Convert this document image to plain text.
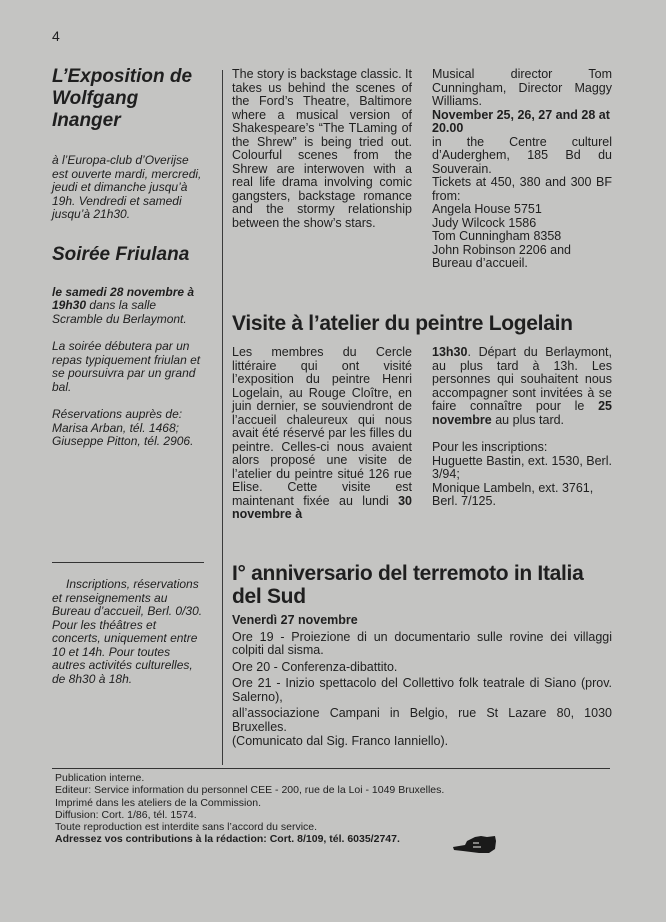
4
L’Exposition de Wolfgang Inanger

à l’Europa-club d’Overijse est ouverte mardi, mercredi, jeudi et dimanche jusqu’à 19h. Vendredi et samedi jusqu’à 21h30.

Soirée Friulana

le samedi 28 novembre à 19h30 dans la salle Scramble du Berlaymont.

La soirée débutera par un repas typiquement friulan et se poursuivra par un grand bal.

Réservations auprès de: Marisa Arban, tél. 1468; Giuseppe Pitton, tél. 2906.

Inscriptions, réservations et renseignements au Bureau d’accueil, Berl. 0/30. Pour les théâtres et concerts, uniquement entre 10 et 14h. Pour toutes autres activités culturelles, de 8h30 à 18h.

The story is backstage classic. It takes us behind the scenes of the Ford’s Theatre, Baltimore where a musical version of Shakespeare’s “The TLaming of the Shrew” is being tried out. Colourful scenes from the Shrew are interwoven with a real life drama involving comic gangsters, backstage romance and the stormy relationship between the show’s stars.

Musical director Tom Cunningham, Director Maggy Williams.

November 25, 26, 27 and 28 at 20.00

in the Centre culturel d’Auderghem, 185 Bd du Souverain.

Tickets at 450, 380 and 300 BF from:

Angela House 5751
Judy Wilcock 1586
Tom Cunningham 8358
John Robinson 2206 and
Bureau d’accueil.
Visite à l’atelier du peintre Logelain

Les membres du Cercle littéraire qui ont visité l’exposition du peintre Henri Logelain, au Rouge Cloître, en juin dernier, se souviendront de l’accueil chaleureux qui nous avait été réservé par les filles du peintre. Celles-ci nous avaient alors proposé une visite de l’atelier du peintre situé 126 rue Elise. Cette visite est maintenant fixée au lundi 30 novembre à

13h30. Départ du Berlaymont, au plus tard à 13h. Les personnes qui souhaitent nous accompagner sont invitées à se faire connaître pour le 25 novembre au plus tard.

Pour les inscriptions:

Huguette Bastin, ext. 1530, Berl. 3/94;

Monique Lambeln, ext. 3761, Berl. 7/125.

I° anniversario del terremoto in Italia del Sud

Venerdì 27 novembre

Ore 19 - Proiezione di un documentario sulle rovine dei villaggi colpiti dal sisma.

Ore 20 - Conferenza-dibattito.

Ore 21 - Inizio spettacolo del Collettivo folk teatrale di Siano (prov. Salerno),

all’associazione Campani in Belgio, rue St Lazare 80, 1030 Bruxelles.

(Comunicato dal Sig. Franco Ianniello).

Publication interne.
Editeur: Service information du personnel CEE - 200, rue de la Loi - 1049 Bruxelles.
Imprimé dans les ateliers de la Commission.
Diffusion: Cort. 1/86, tél. 1574.
Toute reproduction est interdite sans l’accord du service.
Adressez vos contributions à la rédaction: Cort. 8/109, tél. 6035/2747.
